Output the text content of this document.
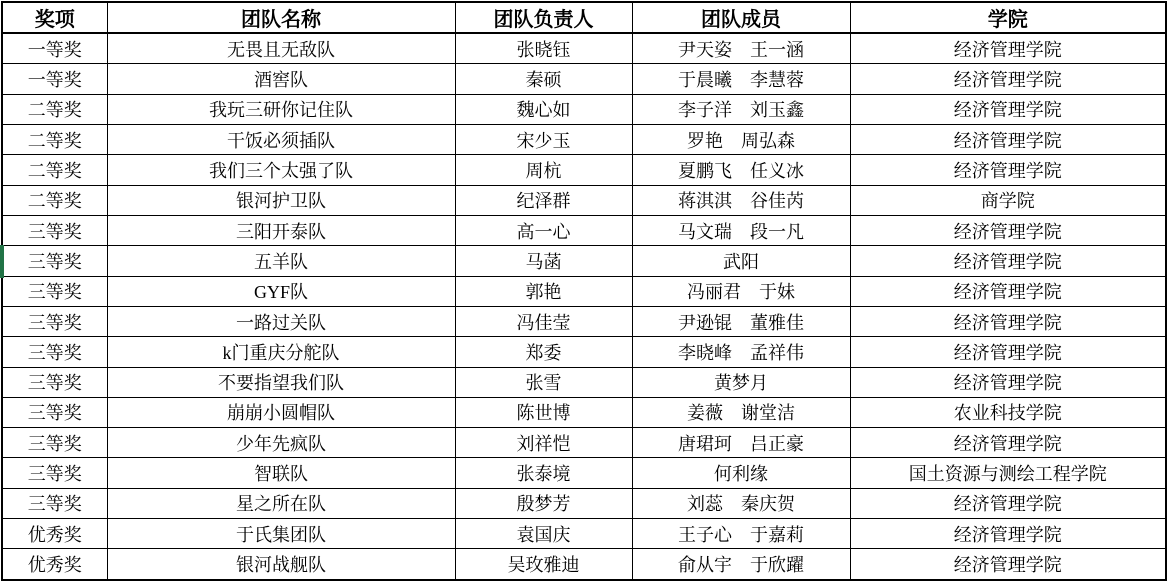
奖项	团队名称	团队负责人	团队成员	学院
一等奖	无畏且无敌队	张晓钰	尹天姿　王一涵	经济管理学院
一等奖	酒窖队	秦硕	于晨曦　李慧蓉	经济管理学院
二等奖	我玩三研你记住队	魏心如	李子洋　刘玉鑫	经济管理学院
二等奖	干饭必须插队	宋少玉	罗艳　周弘森	经济管理学院
二等奖	我们三个太强了队	周杭	夏鹏飞　任义冰	经济管理学院
二等奖	银河护卫队	纪泽群	蒋淇淇　谷佳芮	商学院
三等奖	三阳开泰队	高一心	马文瑞　段一凡	经济管理学院
三等奖	五羊队	马菡	武阳	经济管理学院
三等奖	GYF队	郭艳	冯丽君　于妹	经济管理学院
三等奖	一路过关队	冯佳莹	尹逊锟　董雅佳	经济管理学院
三等奖	k门重庆分舵队	郑委	李晓峰　孟祥伟	经济管理学院
三等奖	不要指望我们队	张雪	黄梦月	经济管理学院
三等奖	崩崩小圆帽队	陈世博	姜薇　谢堂洁	农业科技学院
三等奖	少年先疯队	刘祥恺	唐珺珂　吕正豪	经济管理学院
三等奖	智联队	张泰境	何利缘	国土资源与测绘工程学院
三等奖	星之所在队	殷梦芳	刘蕊　秦庆贺	经济管理学院
优秀奖	于氏集团队	袁国庆	王子心　于嘉莉	经济管理学院
优秀奖	银河战舰队	吴玫雅迪	俞从宇　于欣躍	经济管理学院
